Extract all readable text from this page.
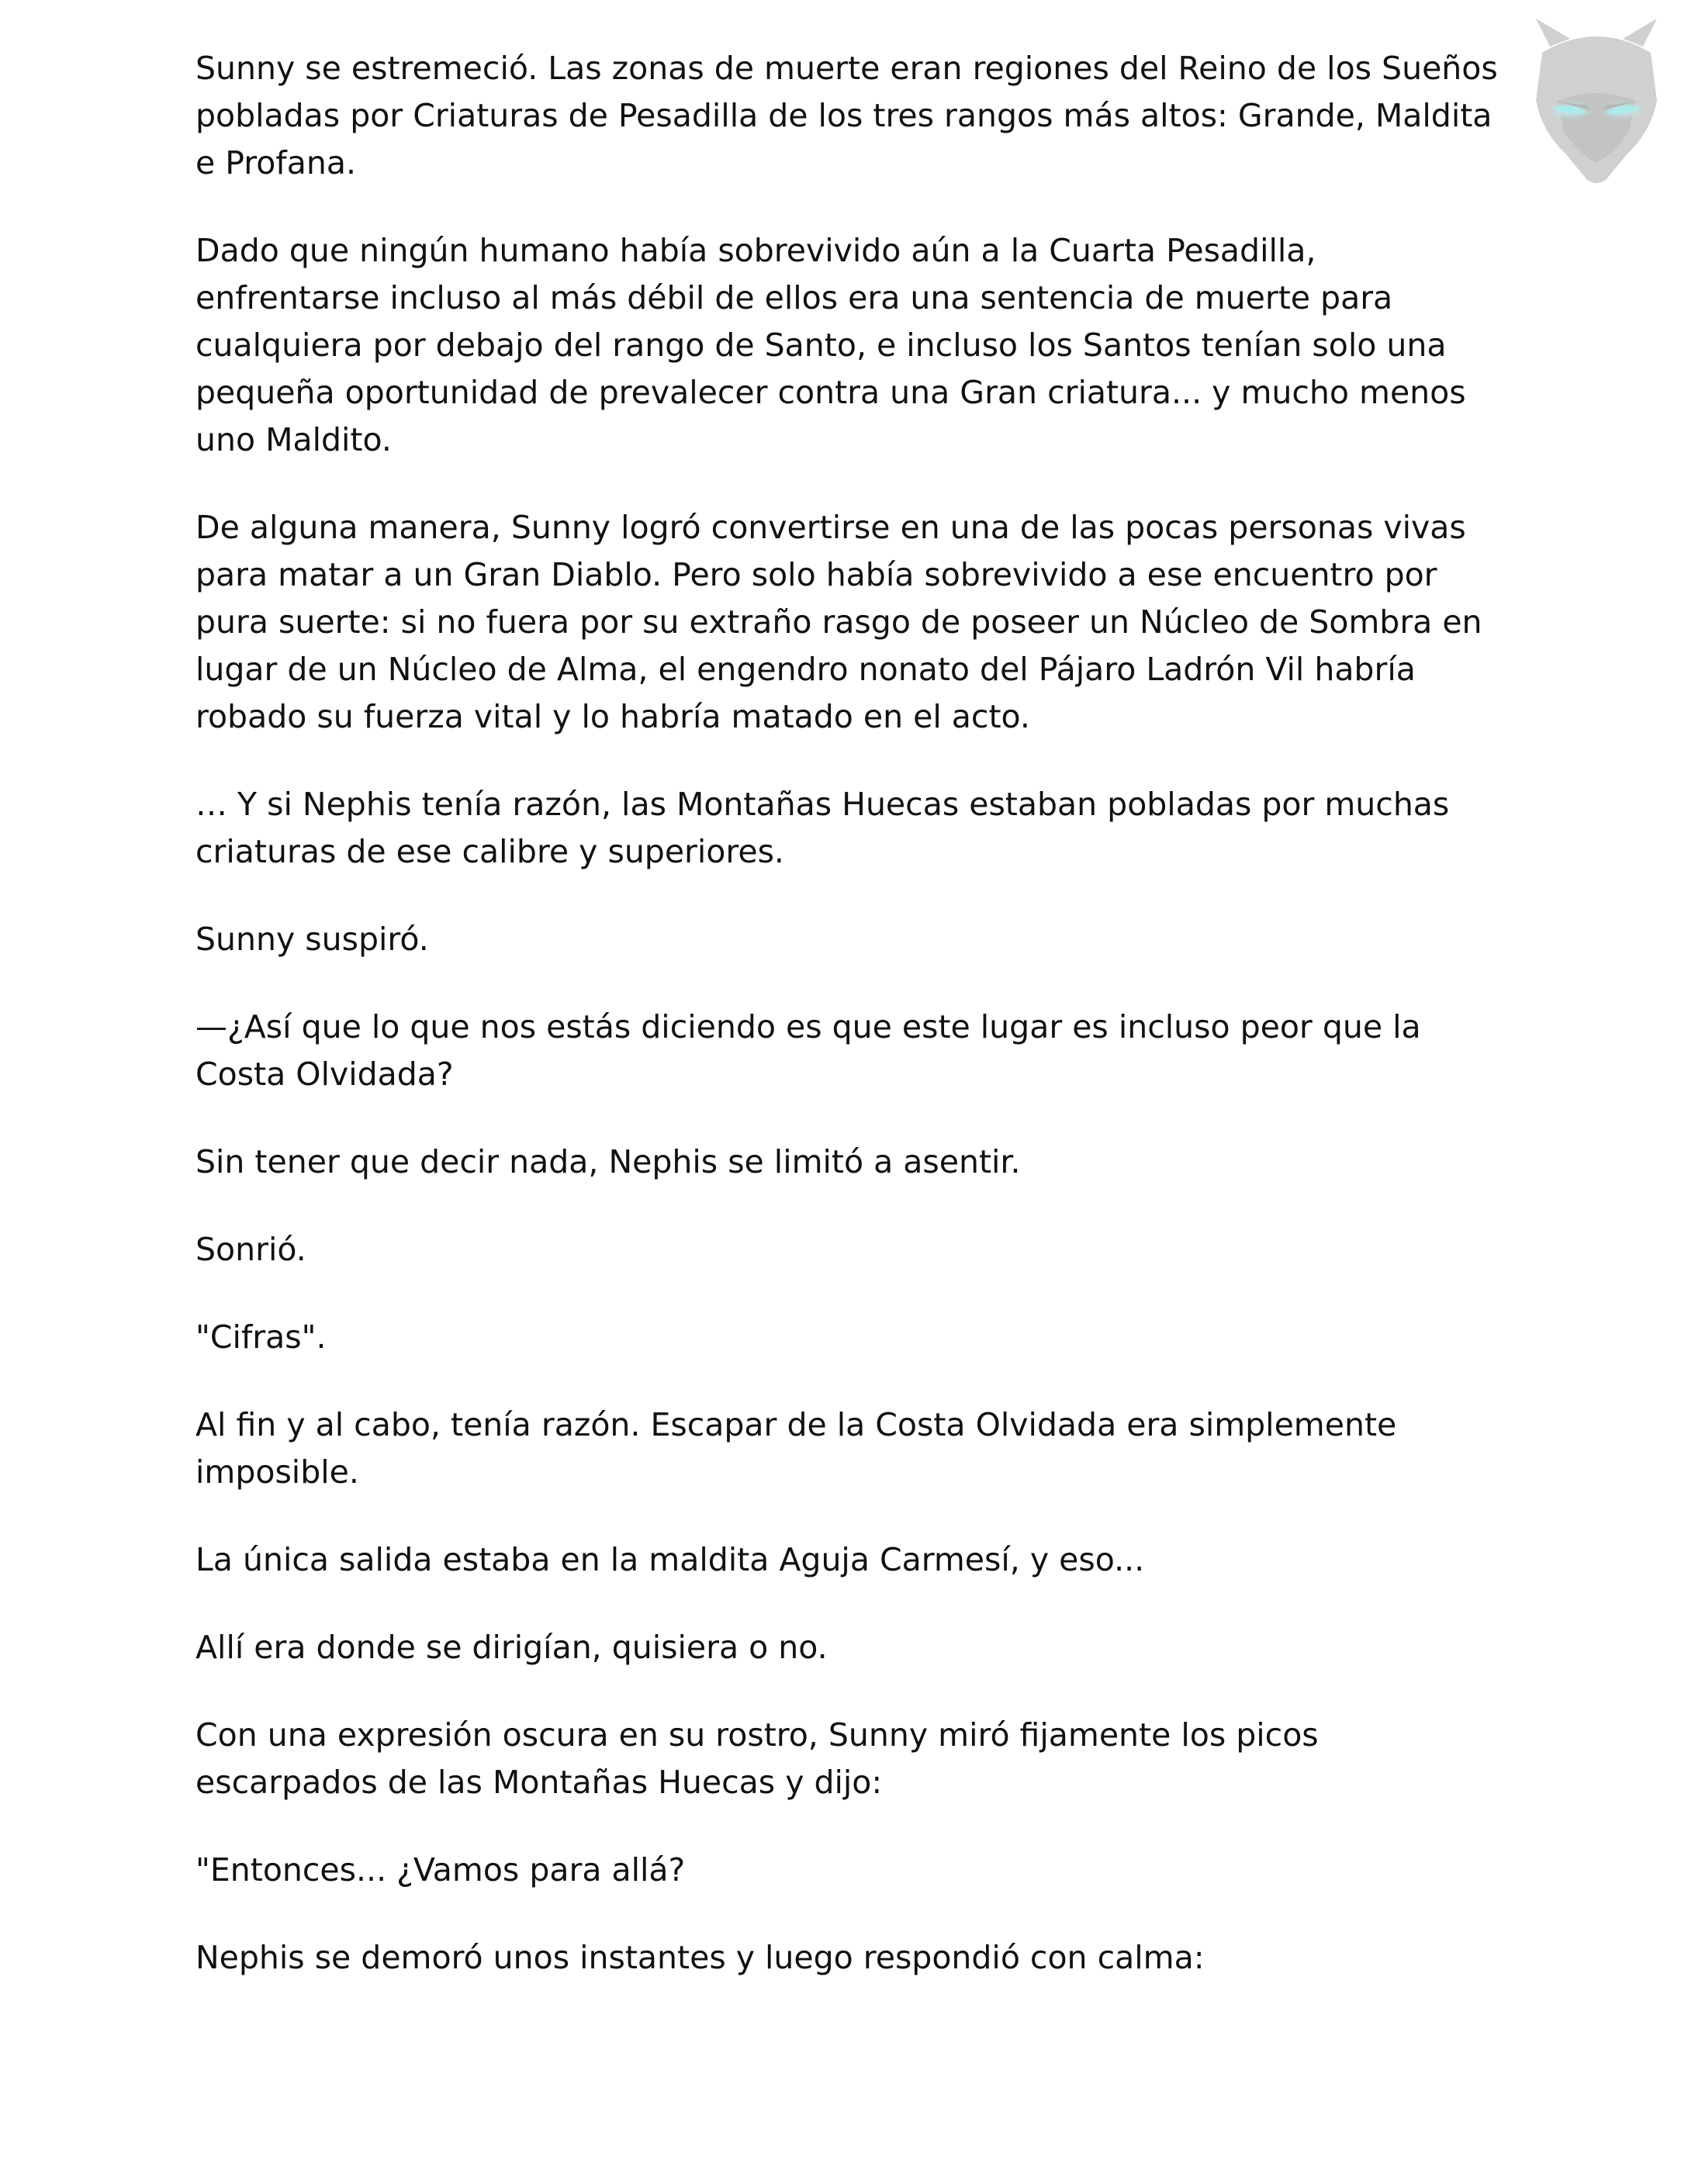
Sunny se estremeció. Las zonas de muerte eran regiones del Reino de los Sueños pobladas por Criaturas de Pesadilla de los tres rangos más altos: Grande, Maldita e Profana.

Dado que ningún humano había sobrevivido aún a la Cuarta Pesadilla, enfrentarse incluso al más débil de ellos era una sentencia de muerte para cualquiera por debajo del rango de Santo, e incluso los Santos tenían solo una pequeña oportunidad de prevalecer contra una Gran criatura... y mucho menos uno Maldito.

De alguna manera, Sunny logró convertirse en una de las pocas personas vivas para matar a un Gran Diablo. Pero solo había sobrevivido a ese encuentro por pura suerte: si no fuera por su extraño rasgo de poseer un Núcleo de Sombra en lugar de un Núcleo de Alma, el engendro nonato del Pájaro Ladrón Vil habría robado su fuerza vital y lo habría matado en el acto.

… Y si Nephis tenía razón, las Montañas Huecas estaban pobladas por muchas criaturas de ese calibre y superiores.

Sunny suspiró.

—¿Así que lo que nos estás diciendo es que este lugar es incluso peor que la Costa Olvidada?

Sin tener que decir nada, Nephis se limitó a asentir.

Sonrió.

"Cifras".

Al fin y al cabo, tenía razón. Escapar de la Costa Olvidada era simplemente imposible.

La única salida estaba en la maldita Aguja Carmesí, y eso...

Allí era donde se dirigían, quisiera o no.

Con una expresión oscura en su rostro, Sunny miró fijamente los picos escarpados de las Montañas Huecas y dijo:

"Entonces... ¿Vamos para allá?

Nephis se demoró unos instantes y luego respondió con calma:
